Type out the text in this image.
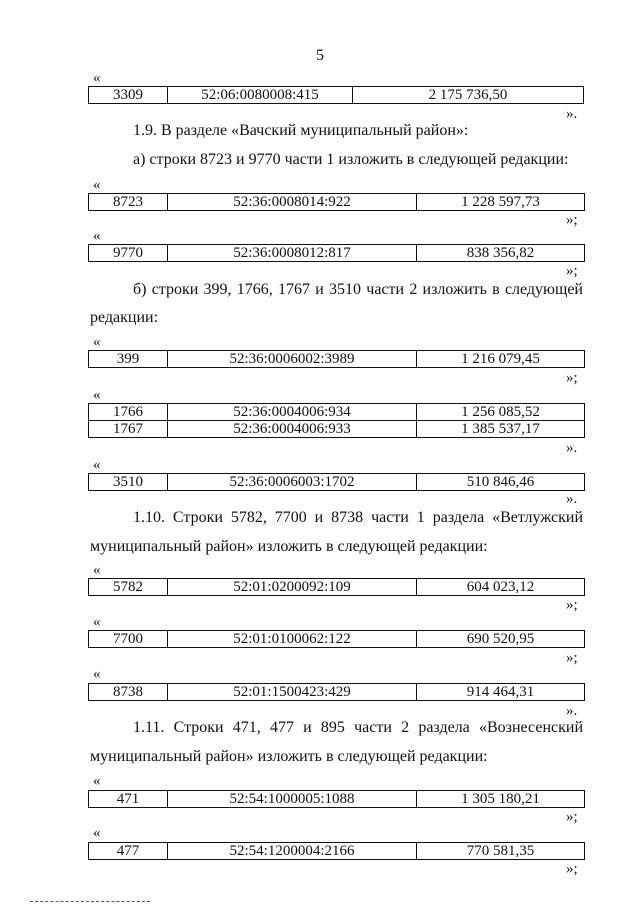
5
«
3309	52:06:0080008:415	2 175 736,50
».
1.9. В разделе «Вачский муниципальный район»:
а) строки 8723 и 9770 части 1 изложить в следующей редакции:
«
8723	52:36:0008014:922	1 228 597,73
»;
«
9770	52:36:0008012:817	838 356,82
»;
б) строки 399, 1766, 1767 и 3510 части 2 изложить в следующей
редакции:
«
399	52:36:0006002:3989	1 216 079,45
»;
«
1766	52:36:0004006:934	1 256 085,52
1767	52:36:0004006:933	1 385 537,17
».
«
3510	52:36:0006003:1702	510 846,46
».
1.10. Строки 5782, 7700 и 8738 части 1 раздела «Ветлужский
муниципальный район» изложить в следующей редакции:
«
5782	52:01:0200092:109	604 023,12
»;
«
7700	52:01:0100062:122	690 520,95
»;
«
8738	52:01:1500423:429	914 464,31
».
1.11. Строки 471, 477 и 895 части 2 раздела «Вознесенский
муниципальный район» изложить в следующей редакции:
«
471	52:54:1000005:1088	1 305 180,21
»;
«
477	52:54:1200004:2166	770 581,35
»;
